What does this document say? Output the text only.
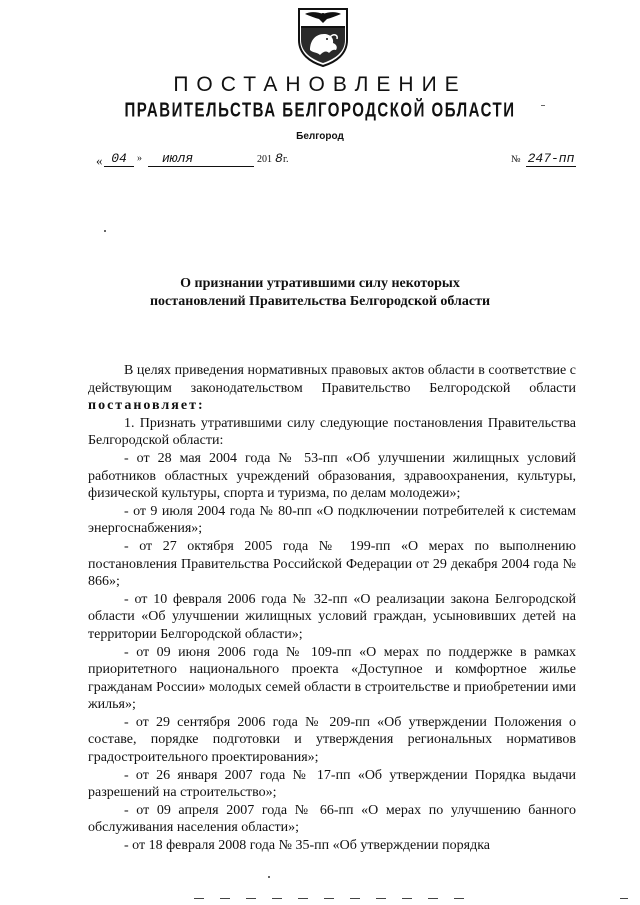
ПОСТАНОВЛЕНИЕ
ПРАВИТЕЛЬСТВА БЕЛГОРОДСКОЙ ОБЛАСТИ
Белгород
« 04	»	июля	201 8 г.	№ 247-пп
О признании утратившими силу некоторых
постановлений Правительства Белгородской области

В целях приведения нормативных правовых актов области в соответствие с действующим законодательством Правительство Белгородской области постановляет:

1. Признать утратившими силу следующие постановления Правительства Белгородской области:

- от 28 мая 2004 года № 53-пп «Об улучшении жилищных условий работников областных учреждений образования, здравоохранения, культуры, физической культуры, спорта и туризма, по делам молодежи»;

- от 9 июля 2004 года № 80-пп «О подключении потребителей к системам энергоснабжения»;

- от 27 октября 2005 года № 199-пп «О мерах по выполнению постановления Правительства Российской Федерации от 29 декабря 2004 года № 866»;

- от 10 февраля 2006 года № 32-пп «О реализации закона Белгородской области «Об улучшении жилищных условий граждан, усыновивших детей на территории Белгородской области»;

- от 09 июня 2006 года № 109-пп «О мерах по поддержке в рамках приоритетного национального проекта «Доступное и комфортное жилье гражданам России» молодых семей области в строительстве и приобретении ими жилья»;

- от 29 сентября 2006 года № 209-пп «Об утверждении Положения о составе, порядке подготовки и утверждения региональных нормативов градостроительного проектирования»;

- от 26 января 2007 года № 17-пп «Об утверждении Порядка выдачи разрешений на строительство»;

- от 09 апреля 2007 года № 66-пп «О мерах по улучшению банного обслуживания населения области»;

- от 18 февраля 2008 года № 35-пп «Об утверждении порядка
